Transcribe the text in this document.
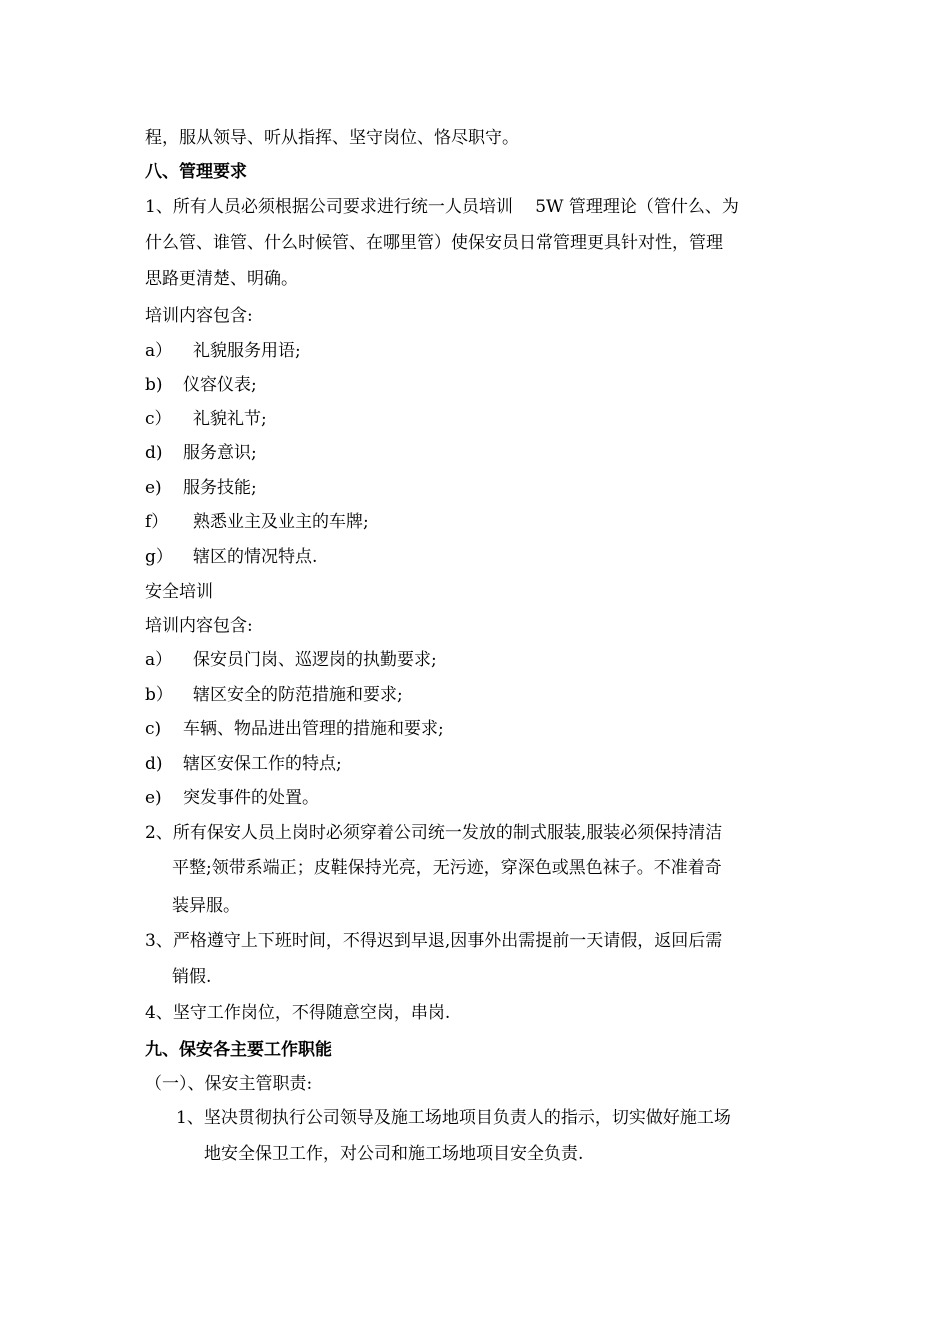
程，服从领导、听从指挥、坚守岗位、恪尽职守。
八、管理要求
1、所有人员必须根据公司要求进行统一人员培训　 5W 管理理论（管什么、为
什么管、谁管、什么时候管、在哪里管）使保安员日常管理更具针对性，管理
思路更清楚、明确。
培训内容包含:
a） 礼貌服务用语;
b) 仪容仪表;
c） 礼貌礼节;
d) 服务意识;
e) 服务技能;
f） 熟悉业主及业主的车牌;
g） 辖区的情况特点.
安全培训
培训内容包含:
a） 保安员门岗、巡逻岗的执勤要求;
b） 辖区安全的防范措施和要求;
c) 车辆、物品进出管理的措施和要求;
d) 辖区安保工作的特点;
e) 突发事件的处置。
2、所有保安人员上岗时必须穿着公司统一发放的制式服装,服装必须保持清洁
平整;领带系端正；皮鞋保持光亮，无污迹，穿深色或黑色袜子。不准着奇
装异服。
3、严格遵守上下班时间，不得迟到早退,因事外出需提前一天请假，返回后需
销假.
4、坚守工作岗位，不得随意空岗，串岗.
九、保安各主要工作职能
（一）、保安主管职责:
1、坚决贯彻执行公司领导及施工场地项目负责人的指示，切实做好施工场
地安全保卫工作，对公司和施工场地项目安全负责.
